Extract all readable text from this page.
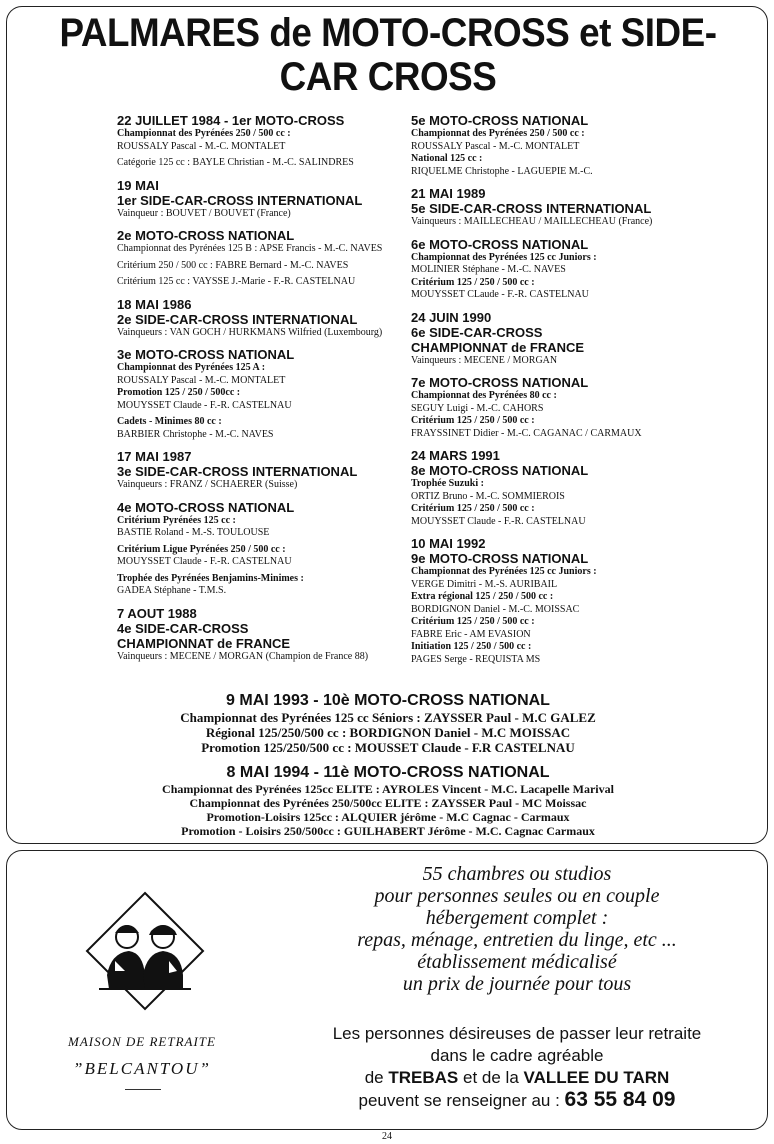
PALMARES de MOTO-CROSS et SIDE-CAR CROSS
22 JUILLET 1984 - 1er MOTO-CROSS
Championnat des Pyrénées 250 / 500 cc :
ROUSSALY Pascal - M.-C. MONTALET
Catégorie 125 cc : BAYLE Christian - M.-C. SALINDRES
19 MAI
1er SIDE-CAR-CROSS INTERNATIONAL
Vainqueur : BOUVET / BOUVET (France)
2e MOTO-CROSS NATIONAL
Championnat des Pyrénées 125 B : APSE Francis - M.-C. NAVES
Critérium 250 / 500 cc : FABRE Bernard - M.-C. NAVES
Critérium 125 cc : VAYSSE J.-Marie - F.-R. CASTELNAU
18 MAI 1986
2e SIDE-CAR-CROSS INTERNATIONAL
Vainqueurs : VAN GOCH / HURKMANS Wilfried (Luxembourg)
3e MOTO-CROSS NATIONAL
Championnat des Pyrénées 125 A :
ROUSSALY Pascal - M.-C. MONTALET
Promotion 125 / 250 / 500cc :
MOUYSSET Claude - F.-R. CASTELNAU
Cadets - Minimes 80 cc :
BARBIER Christophe - M.-C. NAVES
17 MAI 1987
3e SIDE-CAR-CROSS INTERNATIONAL
Vainqueurs : FRANZ / SCHAERER (Suisse)
4e MOTO-CROSS NATIONAL
Critérium Pyrénées 125 cc :
BASTIE Roland - M.-S. TOULOUSE
Critérium Ligue Pyrénées 250 / 500 cc :
MOUYSSET Claude - F.-R. CASTELNAU
Trophée des Pyrénées Benjamins-Minimes :
GADEA Stéphane - T.M.S.
7 AOUT 1988
4e SIDE-CAR-CROSS
CHAMPIONNAT de FRANCE
Vainqueurs : MECENE / MORGAN (Champion de France 88)
5e MOTO-CROSS NATIONAL
Championnat des Pyrénées 250 / 500 cc :
ROUSSALY Pascal - M.-C. MONTALET
National 125 cc :
RIQUELME Christophe - LAGUEPIE M.-C.
21 MAI 1989
5e SIDE-CAR-CROSS INTERNATIONAL
Vainqueurs : MAILLECHEAU / MAILLECHEAU (France)
6e MOTO-CROSS NATIONAL
Championnat des Pyrénées 125 cc Juniors :
MOLINIER Stéphane - M.-C. NAVES
Critérium 125 / 250 / 500 cc :
MOUYSSET CLaude - F.-R. CASTELNAU
24 JUIN 1990
6e SIDE-CAR-CROSS
CHAMPIONNAT de FRANCE
Vainqueurs : MECENE / MORGAN
7e MOTO-CROSS NATIONAL
Championnat des Pyrénées 80 cc :
SEGUY Luigi - M.-C. CAHORS
Critérium 125 / 250 / 500 cc :
FRAYSSINET Didier - M.-C. CAGANAC / CARMAUX
24 MARS 1991
8e MOTO-CROSS NATIONAL
Trophée Suzuki :
ORTIZ Bruno - M.-C. SOMMIEROIS
Critérium 125 / 250 / 500 cc :
MOUYSSET Claude - F.-R. CASTELNAU
10 MAI 1992
9e MOTO-CROSS NATIONAL
Championnat des Pyrénées 125 cc Juniors :
VERGE Dimitri - M.-S. AURIBAIL
Extra régional 125 / 250 / 500 cc :
BORDIGNON Daniel - M.-C. MOISSAC
Critérium 125 / 250 / 500 cc :
FABRE Eric - AM EVASION
Initiation 125 / 250 / 500 cc :
PAGES Serge - REQUISTA MS
9 MAI 1993 - 10è MOTO-CROSS NATIONAL
Championnat des Pyrénées 125 cc Séniors : ZAYSSER Paul - M.C GALEZ
Régional 125/250/500 cc : BORDIGNON Daniel - M.C MOISSAC
Promotion 125/250/500 cc : MOUSSET Claude - F.R CASTELNAU
8 MAI 1994 - 11è MOTO-CROSS NATIONAL
Championnat des Pyrénées 125cc ELITE : AYROLES Vincent - M.C. Lacapelle Marival
Championnat des Pyrénées 250/500cc ELITE : ZAYSSER Paul - MC Moissac
Promotion-Loisirs 125cc : ALQUIER jérôme - M.C Cagnac - Carmaux
Promotion - Loisirs 250/500cc : GUILHABERT Jérôme - M.C. Cagnac Carmaux
MAISON DE RETRAITE
”BELCANTOU”
55 chambres ou studios
pour personnes seules ou en couple
hébergement complet :
repas, ménage, entretien du linge, etc ...
établissement médicalisé
un prix de journée pour tous
Les personnes désireuses de passer leur retraite
dans le cadre agréable
de TREBAS et de la VALLEE DU TARN
peuvent se renseigner au : 63 55 84 09
24
